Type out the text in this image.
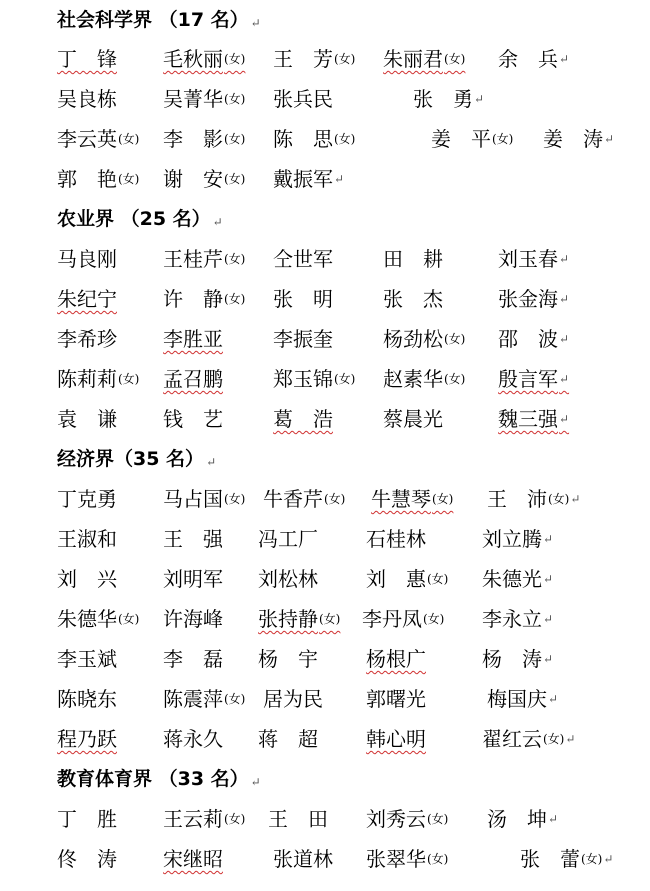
社会科学界 （17 名） ↵
丁　锋 毛秋丽(女) 王　芳(女) 朱丽君(女) 余　兵↵
吴良栋 吴菁华(女) 张兵民	张　勇↵
李云英(女) 李　影(女) 陈　思(女)	姜　平(女) 姜　涛↵
郭　艳(女) 谢　安(女) 戴振军↵
农业界 （25 名） ↵
马良刚 王桂芹(女) 仝世军	田　耕	刘玉春↵
朱纪宁 许　静(女) 张　明	张　杰	张金海↵
李希珍 李胜亚	李振奎	杨劲松(女) 邵　波↵
陈莉莉(女) 孟召鹏	郑玉锦(女) 赵素华(女) 殷言军↵
袁　谦 钱　艺	葛　浩	蔡晨光	魏三强↵
经济界（35 名） ↵
丁克勇 马占国(女) 牛香芹(女) 牛慧琴(女) 王　沛(女)↵
王淑和 王　强 冯工厂 石桂林	刘立腾↵
刘　兴 刘明军 刘松林 刘　惠(女) 朱德光↵
朱德华(女) 许海峰 张持静(女) 李丹凤(女) 李永立↵
李玉斌 李　磊 杨　宇 杨根广	杨　涛↵
陈晓东 陈震萍(女) 居为民 郭曙光	梅国庆↵
程乃跃 蒋永久 蒋　超 韩心明	翟红云(女)↵
教育体育界 （33 名） ↵
丁　胜 王云莉(女) 王　田 刘秀云(女) 汤　坤↵
佟　涛 宋继昭	张道林 张翠华(女)	张　蕾(女)↵
